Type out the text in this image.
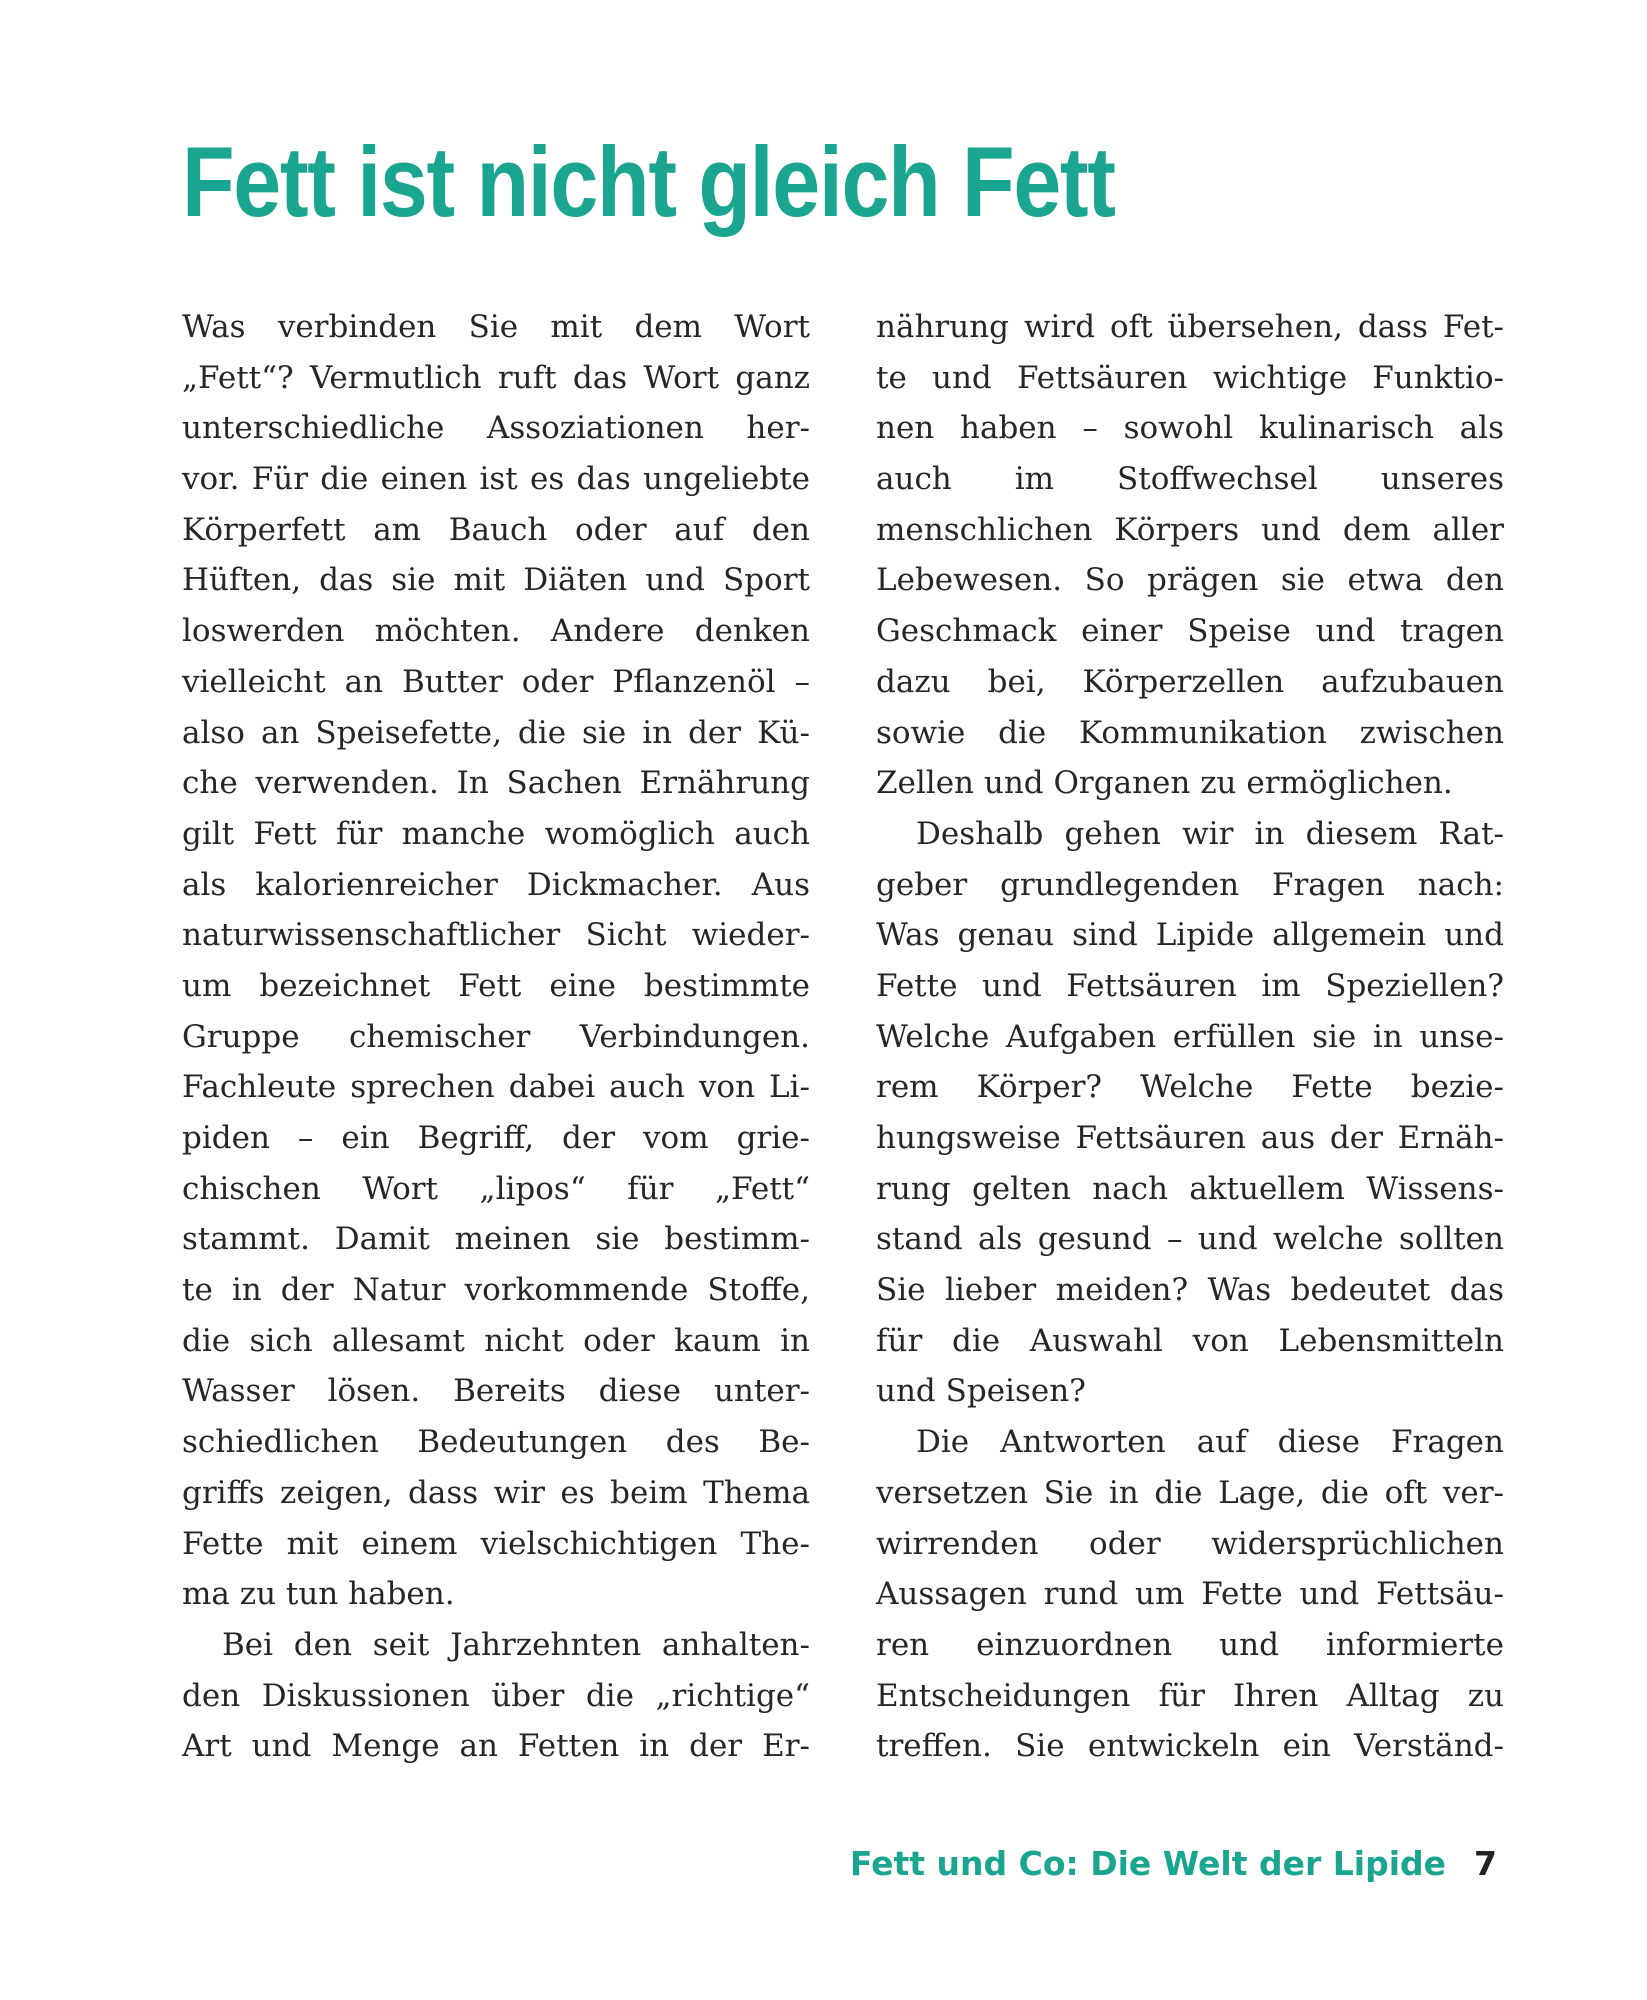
Fett ist nicht gleich Fett
Was verbinden Sie mit dem Wort
„Fett“? Vermutlich ruft das Wort ganz
unterschiedliche Assoziationen her-
vor. Für die einen ist es das ungeliebte
Körperfett am Bauch oder auf den
Hüften, das sie mit Diäten und Sport
loswerden möchten. Andere denken
vielleicht an Butter oder Pflanzenöl –
also an Speisefette, die sie in der Kü-
che verwenden. In Sachen Ernährung
gilt Fett für manche womöglich auch
als kalorienreicher Dickmacher. Aus
naturwissenschaftlicher Sicht wieder-
um bezeichnet Fett eine bestimmte
Gruppe chemischer Verbindungen.
Fachleute sprechen dabei auch von Li-
piden – ein Begriff, der vom grie-
chischen Wort „lipos“ für „Fett“
stammt. Damit meinen sie bestimm-
te in der Natur vorkommende Stoffe,
die sich allesamt nicht oder kaum in
Wasser lösen. Bereits diese unter-
schiedlichen Bedeutungen des Be-
griffs zeigen, dass wir es beim Thema
Fette mit einem vielschichtigen The-
ma zu tun haben.
Bei den seit Jahrzehnten anhalten-
den Diskussionen über die „richtige“
Art und Menge an Fetten in der Er-
nährung wird oft übersehen, dass Fet-
te und Fettsäuren wichtige Funktio-
nen haben – sowohl kulinarisch als
auch im Stoffwechsel unseres
menschlichen Körpers und dem aller
Lebewesen. So prägen sie etwa den
Geschmack einer Speise und tragen
dazu bei, Körperzellen aufzubauen
sowie die Kommunikation zwischen
Zellen und Organen zu ermöglichen.
Deshalb gehen wir in diesem Rat-
geber grundlegenden Fragen nach:
Was genau sind Lipide allgemein und
Fette und Fettsäuren im Speziellen?
Welche Aufgaben erfüllen sie in unse-
rem Körper? Welche Fette bezie-
hungsweise Fettsäuren aus der Ernäh-
rung gelten nach aktuellem Wissens-
stand als gesund – und welche sollten
Sie lieber meiden? Was bedeutet das
für die Auswahl von Lebensmitteln
und Speisen?
Die Antworten auf diese Fragen
versetzen Sie in die Lage, die oft ver-
wirrenden oder widersprüchlichen
Aussagen rund um Fette und Fettsäu-
ren einzuordnen und informierte
Entscheidungen für Ihren Alltag zu
treffen. Sie entwickeln ein Verständ-
Fett und Co: Die Welt der Lipide 7
